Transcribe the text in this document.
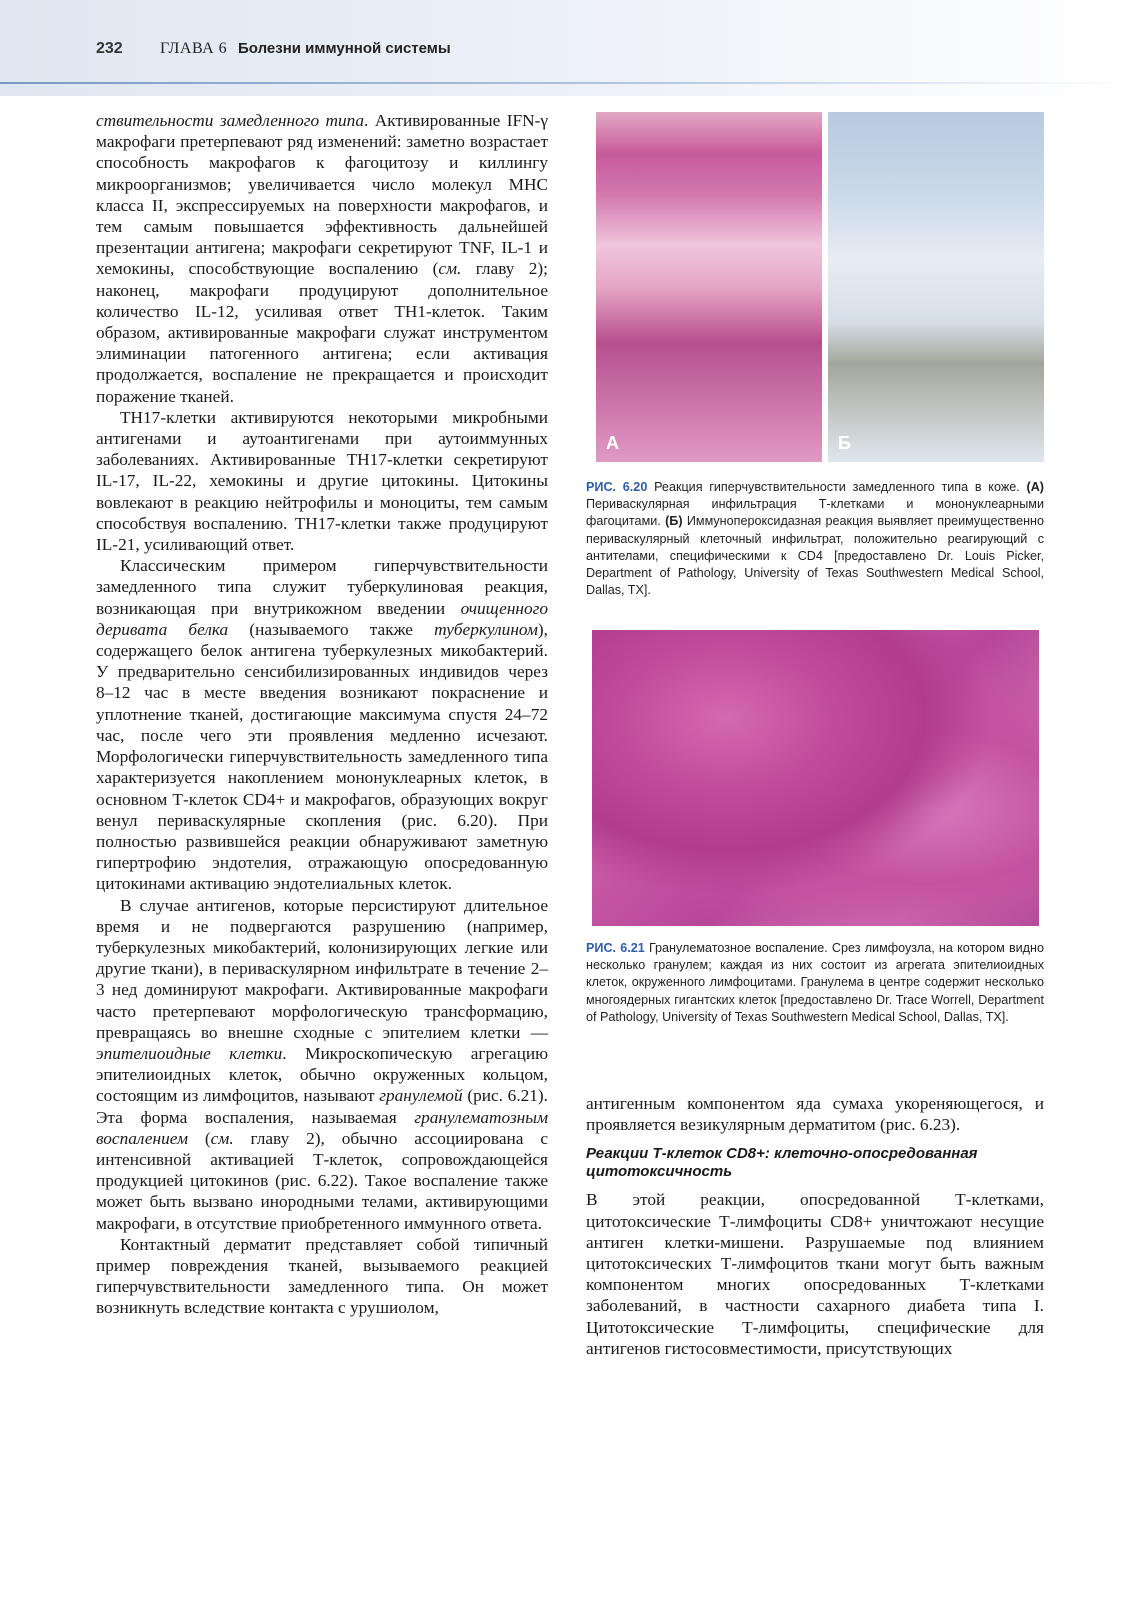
232 ГЛАВА 6 Болезни иммунной системы

ствительности замедленного типа. Активированные IFN-γ макрофаги претерпевают ряд изменений: заметно возрастает способность макрофагов к фагоцитозу и киллингу микроорганизмов; увеличивается число молекул МНС класса II, экспрессируемых на поверхности макрофагов, и тем самым повышается эффективность дальнейшей презентации антигена; макрофаги секретируют TNF, IL-1 и хемокины, способствующие воспалению (см. главу 2); наконец, макрофаги продуцируют дополнительное количество IL-12, усиливая ответ TH1-клеток. Таким образом, активированные макрофаги служат инструментом элиминации патогенного антигена; если активация продолжается, воспаление не прекращается и происходит поражение тканей.

TH17-клетки активируются некоторыми микробными антигенами и аутоантигенами при аутоиммунных заболеваниях. Активированные TH17-клетки секретируют IL-17, IL-22, хемокины и другие цитокины. Цитокины вовлекают в реакцию нейтрофилы и моноциты, тем самым способствуя воспалению. TH17-клетки также продуцируют IL-21, усиливающий ответ.

Классическим примером гиперчувствительности замедленного типа служит туберкулиновая реакция, возникающая при внутрикожном введении очищенного деривата белка (называемого также туберкулином), содержащего белок антигена туберкулезных микобактерий. У предварительно сенсибилизированных индивидов через 8–12 час в месте введения возникают покраснение и уплотнение тканей, достигающие максимума спустя 24–72 час, после чего эти проявления медленно исчезают. Морфологически гиперчувствительность замедленного типа характеризуется накоплением мононуклеарных клеток, в основном Т-клеток CD4+ и макрофагов, образующих вокруг венул периваскулярные скопления (рис. 6.20). При полностью развившейся реакции обнаруживают заметную гипертрофию эндотелия, отражающую опосредованную цитокинами активацию эндотелиальных клеток.

В случае антигенов, которые персистируют длительное время и не подвергаются разрушению (например, туберкулезных микобактерий, колонизирующих легкие или другие ткани), в периваскулярном инфильтрате в течение 2–3 нед доминируют макрофаги. Активированные макрофаги часто претерпевают морфологическую трансформацию, превращаясь во внешне сходные с эпителием клетки — эпителиоидные клетки. Микроскопическую агрегацию эпителиоидных клеток, обычно окруженных кольцом, состоящим из лимфоцитов, называют гранулемой (рис. 6.21). Эта форма воспаления, называемая гранулематозным воспалением (см. главу 2), обычно ассоциирована с интенсивной активацией Т-клеток, сопровождающейся продукцией цитокинов (рис. 6.22). Такое воспаление также может быть вызвано инородными телами, активирующими макрофаги, в отсутствие приобретенного иммунного ответа.

Контактный дерматит представляет собой типичный пример повреждения тканей, вызываемого реакцией гиперчувствительности замедленного типа. Он может возникнуть вследствие контакта с урушиолом,

А	Б
РИС. 6.20 Реакция гиперчувствительности замедленного типа в коже. (А) Периваскулярная инфильтрация Т-клетками и мононуклеарными фагоцитами. (Б) Иммунопероксидазная реакция выявляет преимущественно периваскулярный клеточный инфильтрат, положительно реагирующий с антителами, специфическими к CD4 [предоставлено Dr. Louis Picker, Department of Pathology, University of Texas Southwestern Medical School, Dallas, TX].
РИС. 6.21 Гранулематозное воспаление. Срез лимфоузла, на котором видно несколько гранулем; каждая из них состоит из агрегата эпителиоидных клеток, окруженного лимфоцитами. Гранулема в центре содержит несколько многоядерных гигантских клеток [предоставлено Dr. Trace Worrell, Department of Pathology, University of Texas Southwestern Medical School, Dallas, TX].

антигенным компонентом яда сумаха укореняющегося, и проявляется везикулярным дерматитом (рис. 6.23).

Реакции Т-клеток CD8+: клеточно-опосредованная цитотоксичность

В этой реакции, опосредованной Т-клетками, цитотоксические Т-лимфоциты CD8+ уничтожают несущие антиген клетки-мишени. Разрушаемые под влиянием цитотоксических Т-лимфоцитов ткани могут быть важным компонентом многих опосредованных Т-клетками заболеваний, в частности сахарного диабета типа I. Цитотоксические Т-лимфоциты, специфические для антигенов гистосовместимости, присутствующих
